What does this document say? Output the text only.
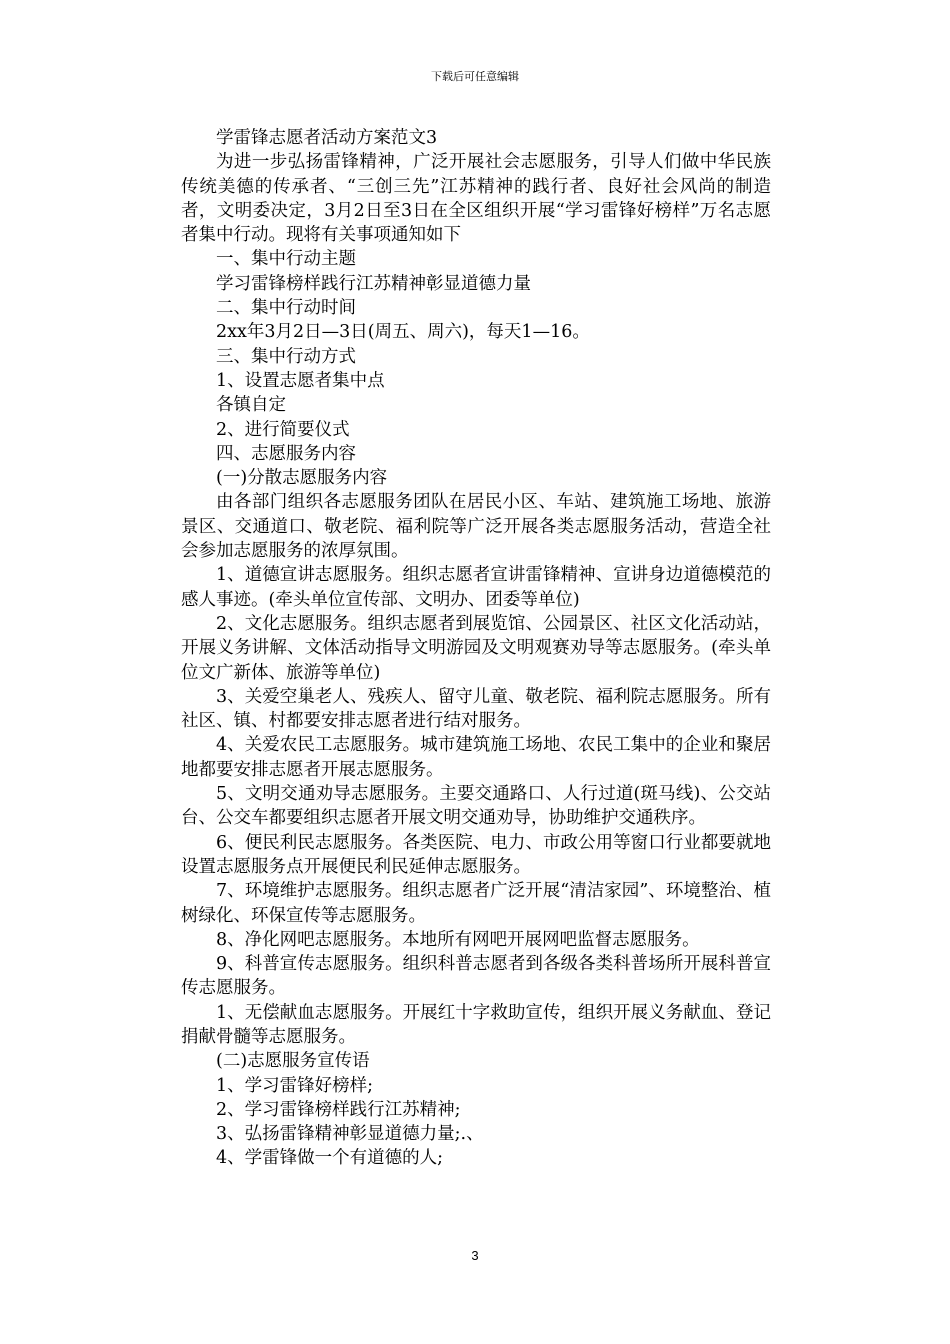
下载后可任意编辑

学雷锋志愿者活动方案范文3

为进一步弘扬雷锋精神，广泛开展社会志愿服务，引导人们做中华民族传统美德的传承者、“三创三先”江苏精神的践行者、良好社会风尚的制造者，文明委决定，3月2日至3日在全区组织开展“学习雷锋好榜样”万名志愿者集中行动。现将有关事项通知如下

一、集中行动主题

学习雷锋榜样践行江苏精神彰显道德力量

二、集中行动时间

2xx年3月2日—3日(周五、周六)，每天1—16。

三、集中行动方式

1、设置志愿者集中点

各镇自定

2、进行简要仪式

四、志愿服务内容

(一)分散志愿服务内容

由各部门组织各志愿服务团队在居民小区、车站、建筑施工场地、旅游景区、交通道口、敬老院、福利院等广泛开展各类志愿服务活动，营造全社会参加志愿服务的浓厚氛围。

1、道德宣讲志愿服务。组织志愿者宣讲雷锋精神、宣讲身边道德模范的感人事迹。(牵头单位宣传部、文明办、团委等单位)

2、文化志愿服务。组织志愿者到展览馆、公园景区、社区文化活动站，开展义务讲解、文体活动指导文明游园及文明观赛劝导等志愿服务。(牵头单位文广新体、旅游等单位)

3、关爱空巢老人、残疾人、留守儿童、敬老院、福利院志愿服务。所有社区、镇、村都要安排志愿者进行结对服务。

4、关爱农民工志愿服务。城市建筑施工场地、农民工集中的企业和聚居地都要安排志愿者开展志愿服务。

5、文明交通劝导志愿服务。主要交通路口、人行过道(斑马线)、公交站台、公交车都要组织志愿者开展文明交通劝导，协助维护交通秩序。

6、便民利民志愿服务。各类医院、电力、市政公用等窗口行业都要就地设置志愿服务点开展便民利民延伸志愿服务。

7、环境维护志愿服务。组织志愿者广泛开展“清洁家园”、环境整治、植树绿化、环保宣传等志愿服务。

8、净化网吧志愿服务。本地所有网吧开展网吧监督志愿服务。

9、科普宣传志愿服务。组织科普志愿者到各级各类科普场所开展科普宣传志愿服务。

1、无偿献血志愿服务。开展红十字救助宣传，组织开展义务献血、登记捐献骨髓等志愿服务。

(二)志愿服务宣传语

1、学习雷锋好榜样;

2、学习雷锋榜样践行江苏精神;

3、弘扬雷锋精神彰显道德力量;.、

4、学雷锋做一个有道德的人;

3
